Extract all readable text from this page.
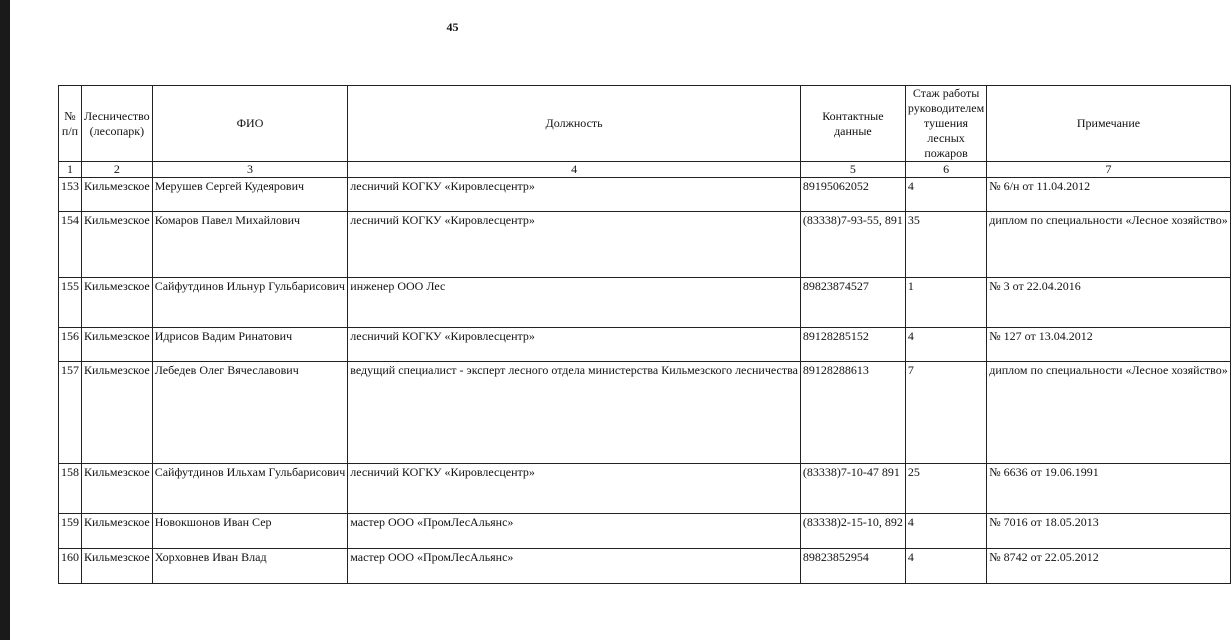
45
№ п/п	Лесничество (лесопарк)	ФИО	Должность	Контактные данные	Стаж работы руководителем тушения лесных пожаров	Примечание
1	2	3	4	5	6	7
153	Кильмезское	Мерушев Сергей Кудеярович	лесничий КОГКУ «Кировлесцентр»	89195062052	4	№ 6/н от 11.04.2012
154	Кильмезское	Комаров Павел Михайлович	лесничий КОГКУ «Кировлесцентр»	(83338)7-93-55, 891	35	диплом по специальности «Лесное хозяйство»
155	Кильмезское	Сайфутдинов Ильнур Гульбарисович	инженер ООО Лес	89823874527	1	№ 3 от 22.04.2016
156	Кильмезское	Идрисов Вадим Ринатович	лесничий КОГКУ «Кировлесцентр»	89128285152	4	№ 127 от 13.04.2012
157	Кильмезское	Лебедев Олег Вячеславович	ведущий специалист - эксперт лесного отдела министерства Кильмезского лесничества	89128288613	7	диплом по специальности «Лесное хозяйство»
158	Кильмезское	Сайфутдинов Ильхам Гульбарисович	лесничий КОГКУ «Кировлесцентр»	(83338)7-10-47 891	25	№ 6636 от 19.06.1991
159	Кильмезское	Новокшонов Иван Сер	мастер ООО «ПромЛесАльянс»	(83338)2-15-10, 892	4	№ 7016 от 18.05.2013
160	Кильмезское	Хорховнев Иван Влад	мастер ООО «ПромЛесАльянс»	89823852954	4	№ 8742 от 22.05.2012
